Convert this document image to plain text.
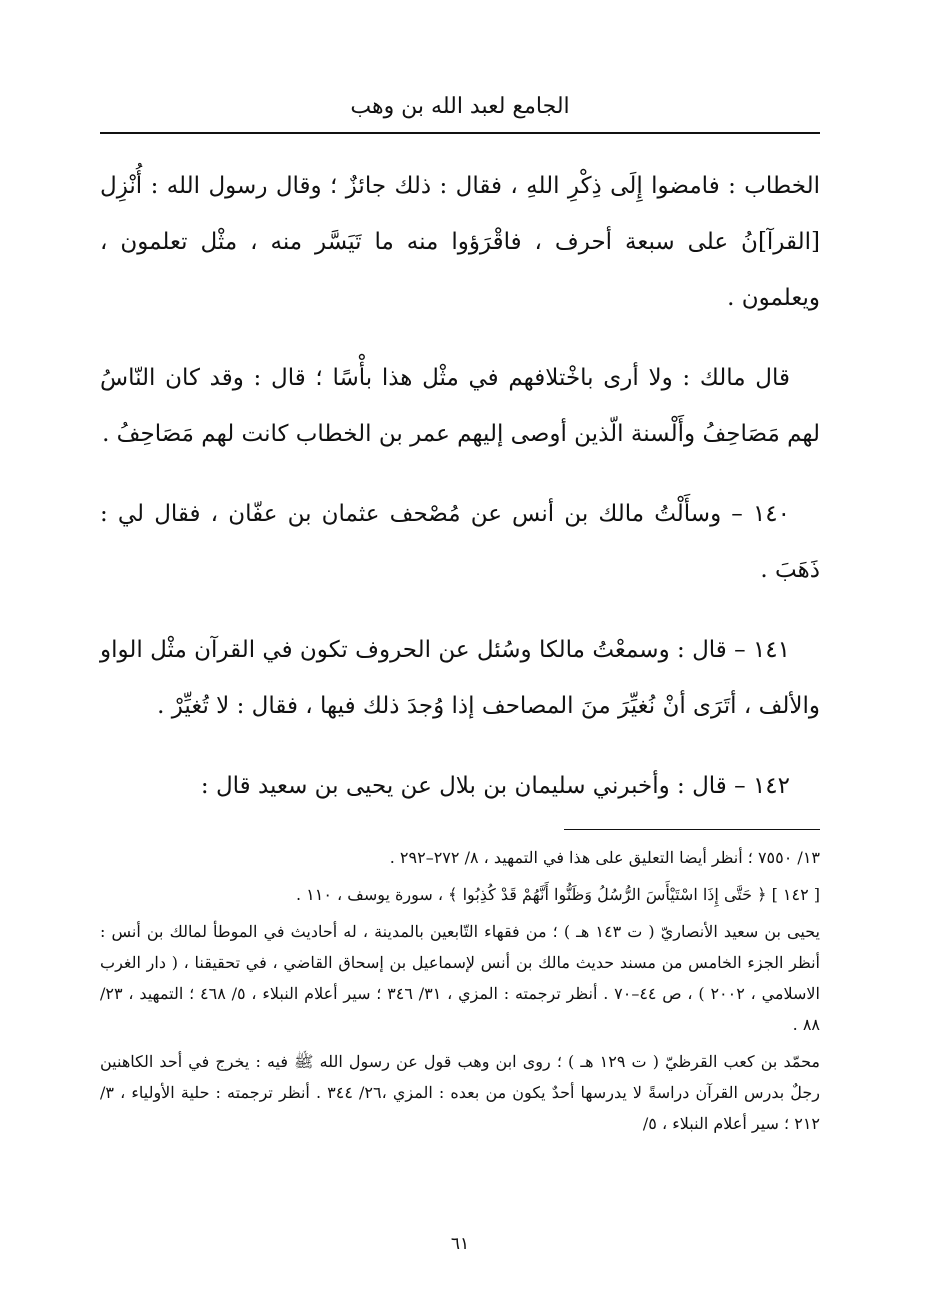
الجامع لعبد الله بن وهب

الخطاب : فامضوا إِلَى ذِكْرِ اللهِ ، فقال : ذلك جائزٌ ؛ وقال رسول الله : أُنْزِل [القرآ]نُ على سبعة أحرف ، فاقْرَؤوا منه ما تَيَسَّر منه ، مثْل تعلمون ، ويعلمون .

قال مالك : ولا أرى باخْتلافهم في مثْل هذا بأْسًا ؛ قال : وقد كان النّاسُ لهم مَصَاحِفُ وأَلْسنة الّذين أوصى إليهم عمر بن الخطاب كانت لهم مَصَاحِفُ .

١٤٠ – وسأَلْتُ مالك بن أنس عن مُصْحف عثمان بن عفّان ، فقال لي : ذَهَبَ .

١٤١ – قال : وسمعْتُ مالكا وسُئل عن الحروف تكون في القرآن مثْل الواو والألف ، أتَرَى أنْ نُغيِّرَ منَ المصاحف إذا وُجدَ ذلك فيها ، فقال : لا تُغيِّرْ .

١٤٢ – قال : وأخبرني سليمان بن بلال عن يحيى بن سعيد قال :

١٣/ ٧٥٥٠ ؛ أنظر أيضا التعليق على هذا في التمهيد ، ٨/ ٢٧٢–٢٩٢ .

[ ١٤٢ ] ﴿ حَتَّى إِذَا اسْتَيْأَسَ الرُّسُلُ وَظَنُّوا أَنَّهُمْ قَدْ كُذِبُوا ﴾ ، سورة يوسف ، ١١٠ .

يحيى بن سعيد الأنصاريّ ( ت ١٤٣ هـ ) ؛ من فقهاء التّابعين بالمدينة ، له أحاديث في الموطأ لمالك بن أنس : أنظر الجزء الخامس من مسند حديث مالك بن أنس لإسماعيل بن إسحاق القاضي ، في تحقيقنا ، ( دار الغرب الاسلامي ، ٢٠٠٢ ) ، ص ٤٤–٧٠ . أنظر ترجمته : المزي ، ٣١/ ٣٤٦ ؛ سير أعلام النبلاء ، ٥/ ٤٦٨ ؛ التمهيد ، ٢٣/ ٨٨ .

محمّد بن كعب القرظيّ ( ت ١٢٩ هـ ) ؛ روى ابن وهب قول عن رسول الله ﷺ فيه : يخرج في أحد الكاهنين رجلٌ بدرس القرآن دراسةً لا يدرسها أحدٌ يكون من بعده : المزي ،٢٦/ ٣٤٤ . أنظر ترجمته : حلية الأولياء ، ٣/ ٢١٢ ؛ سير أعلام النبلاء ، ٥/

٦١
